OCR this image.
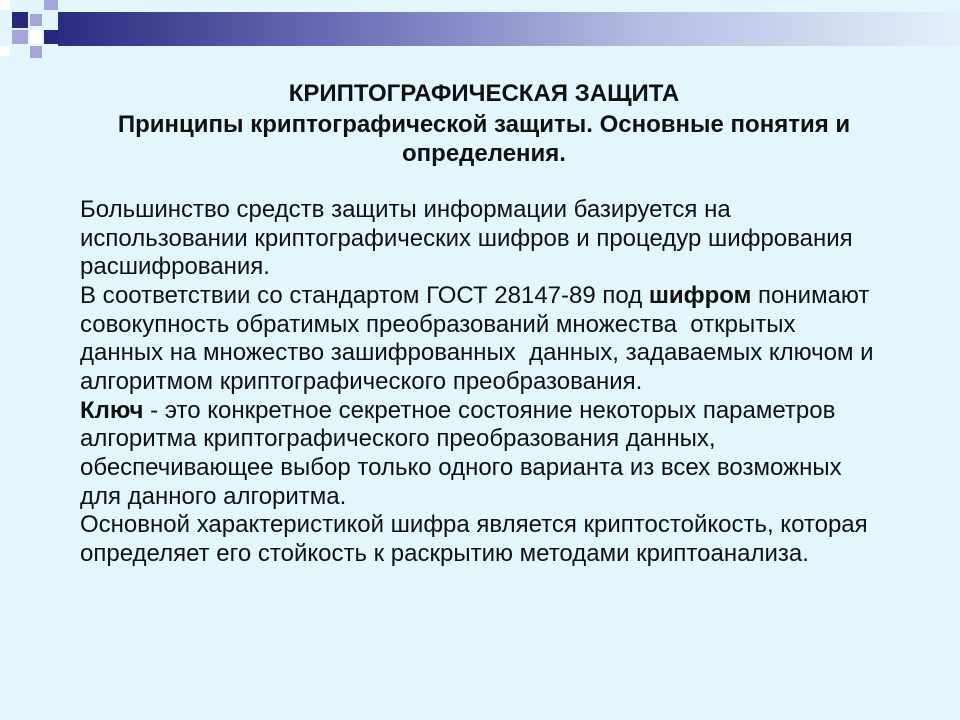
КРИПТОГРАФИЧЕСКАЯ ЗАЩИТА
Принципы криптографической защиты. Основные понятия и
определения.
Большинство средств защиты информации базируется на
использовании криптографических шифров и процедур шифрования
расшифрования.
В соответствии со стандартом ГОСТ 28147-89 под шифром понимают
совокупность обратимых преобразований множества  открытых
данных на множество зашифрованных  данных, задаваемых ключом и
алгоритмом криптографического преобразования.
Ключ - это конкретное секретное состояние некоторых параметров
алгоритма криптографического преобразования данных,
обеспечивающее выбор только одного варианта из всех возможных
для данного алгоритма.
Основной характеристикой шифра является криптостойкость, которая
определяет его стойкость к раскрытию методами криптоанализа.
